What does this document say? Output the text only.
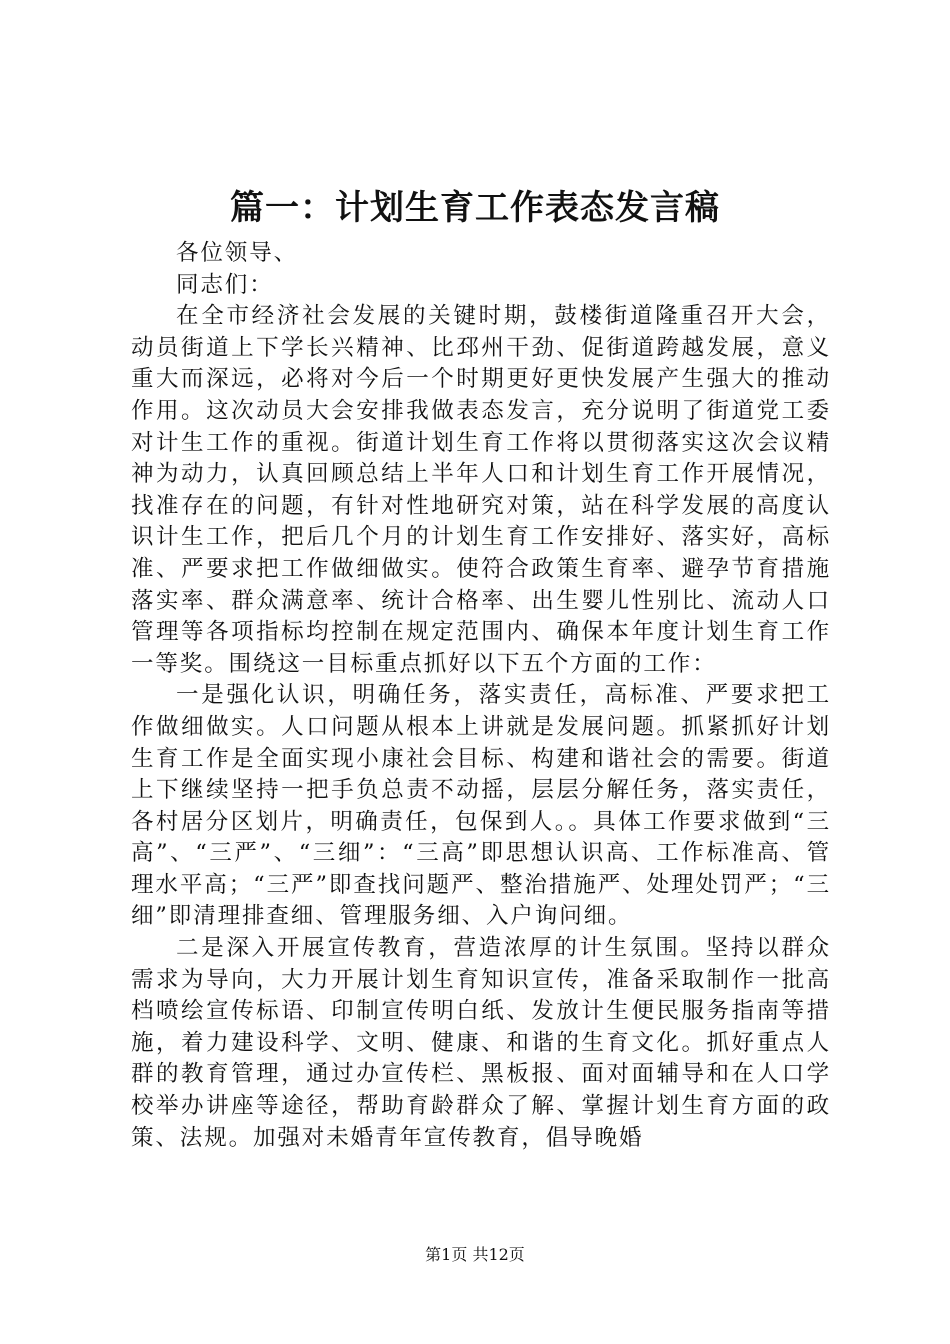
篇一：计划生育工作表态发言稿

各位领导、

同志们：

在全市经济社会发展的关键时期，鼓楼街道隆重召开大会，动员街道上下学长兴精神、比邳州干劲、促街道跨越发展，意义重大而深远，必将对今后一个时期更好更快发展产生强大的推动作用。这次动员大会安排我做表态发言，充分说明了街道党工委对计生工作的重视。街道计划生育工作将以贯彻落实这次会议精神为动力，认真回顾总结上半年人口和计划生育工作开展情况，找准存在的问题，有针对性地研究对策，站在科学发展的高度认识计生工作，把后几个月的计划生育工作安排好、落实好，高标准、严要求把工作做细做实。使符合政策生育率、避孕节育措施落实率、群众满意率、统计合格率、出生婴儿性别比、流动人口管理等各项指标均控制在规定范围内、确保本年度计划生育工作一等奖。围绕这一目标重点抓好以下五个方面的工作：

一是强化认识，明确任务，落实责任，高标准、严要求把工作做细做实。人口问题从根本上讲就是发展问题。抓紧抓好计划生育工作是全面实现小康社会目标、构建和谐社会的需要。街道上下继续坚持一把手负总责不动摇，层层分解任务，落实责任，各村居分区划片，明确责任，包保到人。。具体工作要求做到“三高”、“三严”、“三细”：“三高”即思想认识高、工作标准高、管理水平高；“三严”即查找问题严、整治措施严、处理处罚严；“三细”即清理排查细、管理服务细、入户询问细。

二是深入开展宣传教育，营造浓厚的计生氛围。坚持以群众需求为导向，大力开展计划生育知识宣传，准备采取制作一批高档喷绘宣传标语、印制宣传明白纸、发放计生便民服务指南等措施，着力建设科学、文明、健康、和谐的生育文化。抓好重点人群的教育管理，通过办宣传栏、黑板报、面对面辅导和在人口学校举办讲座等途径，帮助育龄群众了解、掌握计划生育方面的政策、法规。加强对未婚青年宣传教育，倡导晚婚

第1页 共12页
